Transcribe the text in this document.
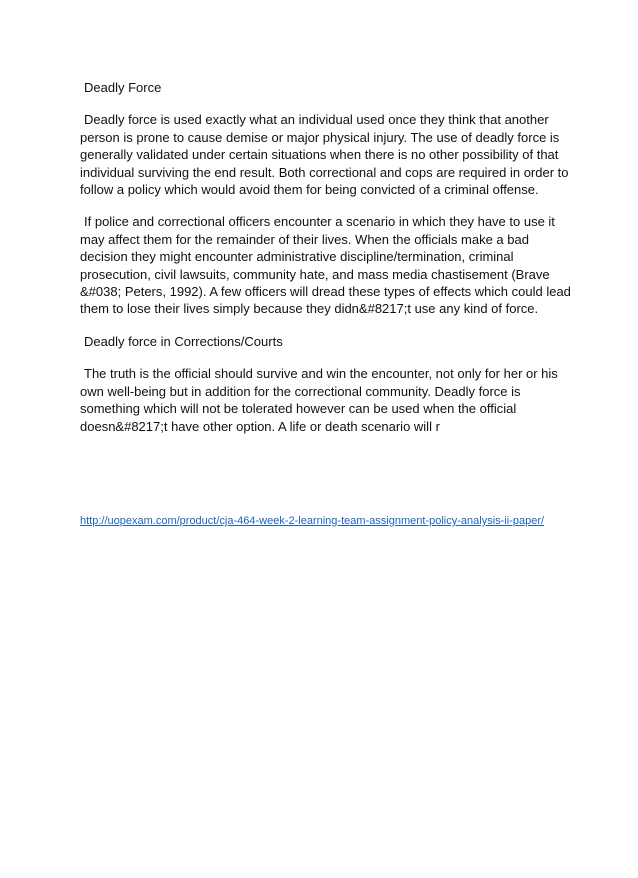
Deadly Force

Deadly force is used exactly what an individual used once they think that another person is prone to cause demise or major physical injury. The use of deadly force is generally validated under certain situations when there is no other possibility of that individual surviving the end result. Both correctional and cops are required in order to follow a policy which would avoid them for being convicted of a criminal offense.

If police and correctional officers encounter a scenario in which they have to use it may affect them for the remainder of their lives. When the officials make a bad decision they might encounter administrative discipline/termination, criminal prosecution, civil lawsuits, community hate, and mass media chastisement (Brave &#038; Peters, 1992). A few officers will dread these types of effects which could lead them to lose their lives simply because they didn&#8217;t use any kind of force.

Deadly force in Corrections/Courts

The truth is the official should survive and win the encounter, not only for her or his own well-being but in addition for the correctional community. Deadly force is something which will not be tolerated however can be used when the official doesn&#8217;t have other option. A life or death scenario will r

http://uopexam.com/product/cja-464-week-2-learning-team-assignment-policy-analysis-ii-paper/
